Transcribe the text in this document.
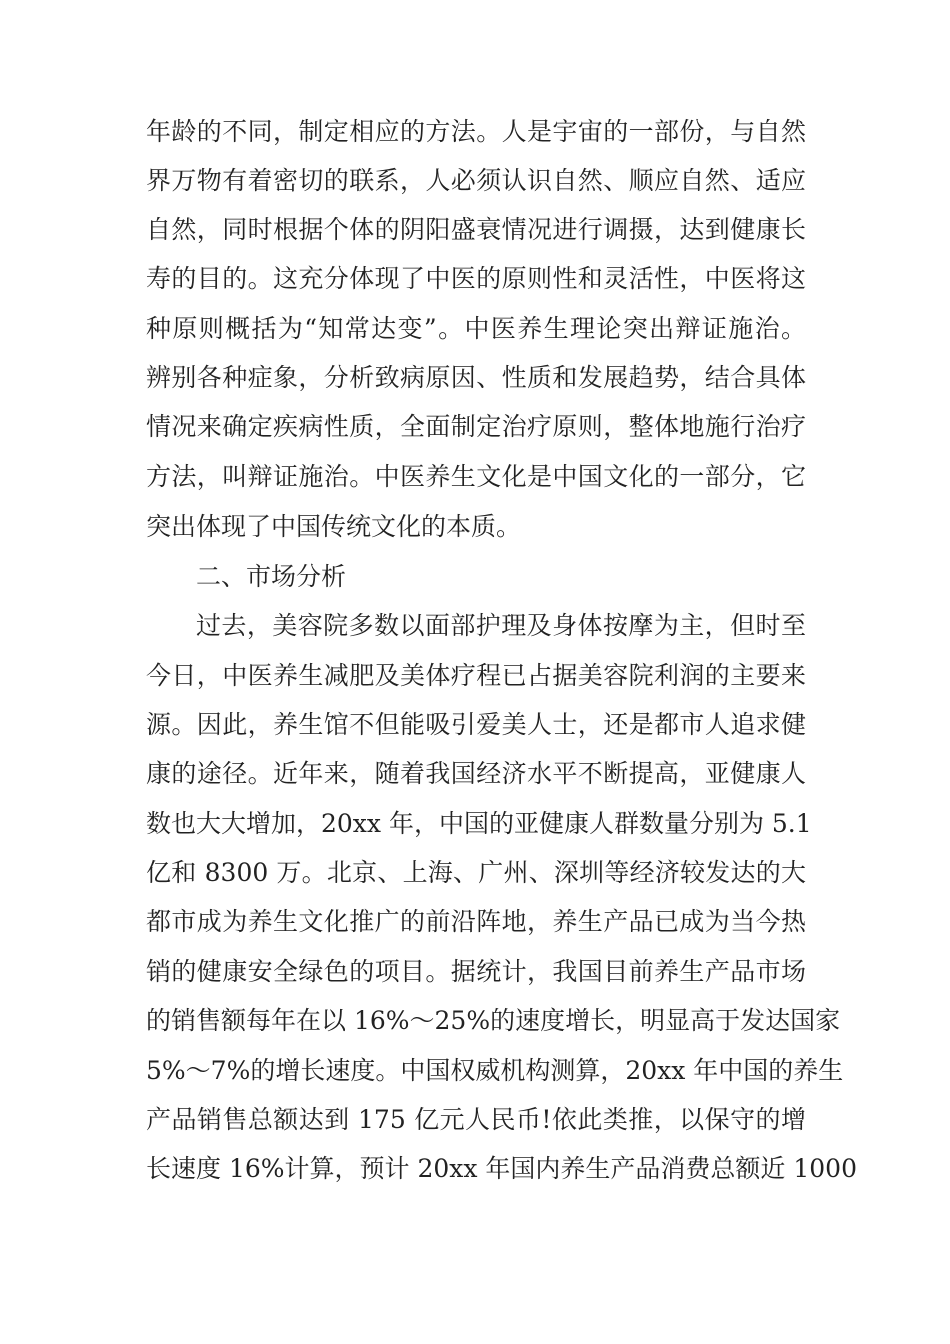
年龄的不同，制定相应的方法。人是宇宙的一部份，与自然
界万物有着密切的联系，人必须认识自然、顺应自然、适应
自然，同时根据个体的阴阳盛衰情况进行调摄，达到健康长
寿的目的。这充分体现了中医的原则性和灵活性，中医将这
种原则概括为“知常达变”。中医养生理论突出辩证施治。
辨别各种症象，分析致病原因、性质和发展趋势，结合具体
情况来确定疾病性质，全面制定治疗原则，整体地施行治疗
方法，叫辩证施治。中医养生文化是中国文化的一部分，它
突出体现了中国传统文化的本质。
二、市场分析
过去，美容院多数以面部护理及身体按摩为主，但时至
今日，中医养生减肥及美体疗程已占据美容院利润的主要来
源。因此，养生馆不但能吸引爱美人士，还是都市人追求健
康的途径。近年来，随着我国经济水平不断提高，亚健康人
数也大大增加，20xx 年，中国的亚健康人群数量分别为 5.1
亿和 8300 万。北京、上海、广州、深圳等经济较发达的大
都市成为养生文化推广的前沿阵地，养生产品已成为当今热
销的健康安全绿色的项目。据统计，我国目前养生产品市场
的销售额每年在以 16%～25%的速度增长，明显高于发达国家
5%～7%的增长速度。中国权威机构测算，20xx 年中国的养生
产品销售总额达到 175 亿元人民币!依此类推，以保守的增
长速度 16%计算，预计 20xx 年国内养生产品消费总额近 1000
